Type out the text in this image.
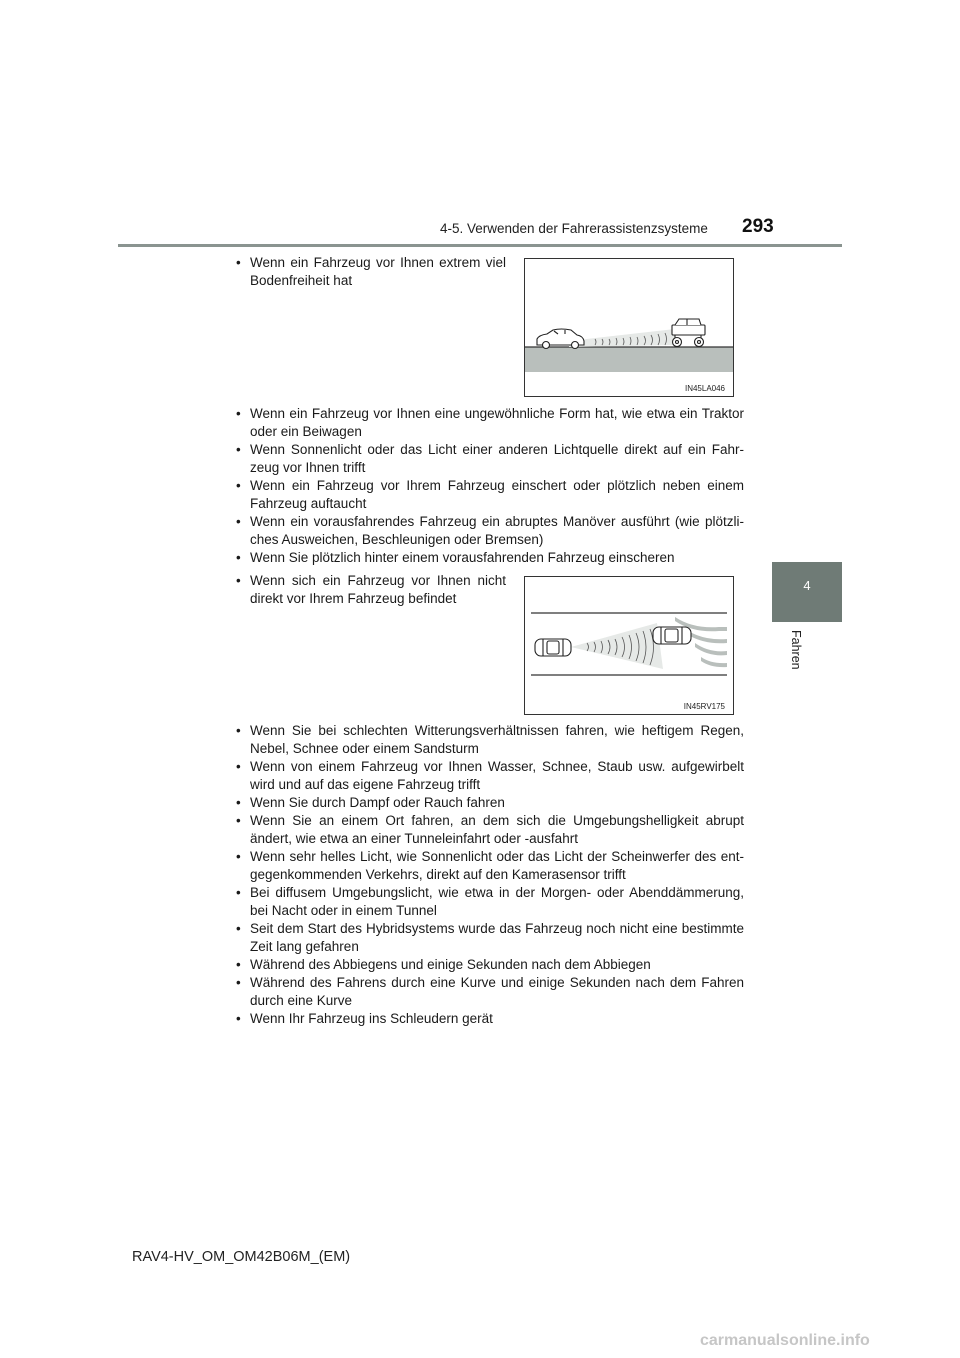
4-5. Verwenden der Fahrerassistenzsysteme 293
4
Fahren
• Wenn ein Fahrzeug vor Ihnen extrem viel Bodenfreiheit hat
IN45LA046
• Wenn ein Fahrzeug vor Ihnen eine ungewöhnliche Form hat, wie etwa ein Traktor oder ein Beiwagen
• Wenn Sonnenlicht oder das Licht einer anderen Lichtquelle direkt auf ein Fahr-zeug vor Ihnen trifft
• Wenn ein Fahrzeug vor Ihrem Fahrzeug einschert oder plötzlich neben einem Fahrzeug auftaucht
• Wenn ein vorausfahrendes Fahrzeug ein abruptes Manöver ausführt (wie plötzli-ches Ausweichen, Beschleunigen oder Bremsen)
• Wenn Sie plötzlich hinter einem vorausfahrenden Fahrzeug einscheren
• Wenn sich ein Fahrzeug vor Ihnen nicht direkt vor Ihrem Fahrzeug befindet
IN45RV175
• Wenn Sie bei schlechten Witterungsverhältnissen fahren, wie heftigem Regen, Nebel, Schnee oder einem Sandsturm
• Wenn von einem Fahrzeug vor Ihnen Wasser, Schnee, Staub usw. aufgewirbelt wird und auf das eigene Fahrzeug trifft
• Wenn Sie durch Dampf oder Rauch fahren
• Wenn Sie an einem Ort fahren, an dem sich die Umgebungshelligkeit abrupt ändert, wie etwa an einer Tunneleinfahrt oder -ausfahrt
• Wenn sehr helles Licht, wie Sonnenlicht oder das Licht der Scheinwerfer des ent-gegenkommenden Verkehrs, direkt auf den Kamerasensor trifft
• Bei diffusem Umgebungslicht, wie etwa in der Morgen- oder Abenddämmerung, bei Nacht oder in einem Tunnel
• Seit dem Start des Hybridsystems wurde das Fahrzeug noch nicht eine bestimmte Zeit lang gefahren
• Während des Abbiegens und einige Sekunden nach dem Abbiegen
• Während des Fahrens durch eine Kurve und einige Sekunden nach dem Fahren durch eine Kurve
• Wenn Ihr Fahrzeug ins Schleudern gerät
RAV4-HV_OM_OM42B06M_(EM)
carmanualsonline.info
